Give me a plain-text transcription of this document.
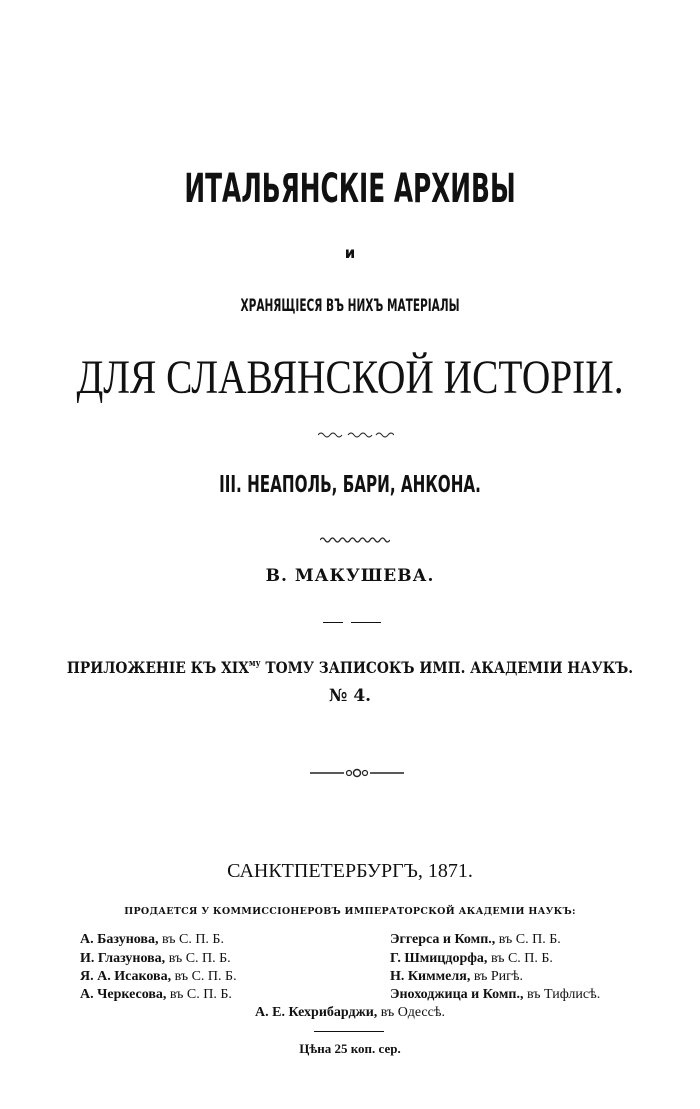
ИТАЛЬЯНСКIЕ АРХИВЫ
и
ХРАНЯЩIЕСЯ ВЪ НИХЪ МАТЕРIАЛЫ
ДЛЯ СЛАВЯНСКОЙ ИСТОРIИ.
III. НЕАПОЛЬ, БАРИ, АНКОНА.
В. МАКУШЕВА.
ПРИЛОЖЕНIЕ КЪ $XIX^{му}$ ТОМУ ЗАПИСОКЪ ИМП. АКАДЕМIИ НАУКЪ.
№ 4.
САНКТПЕТЕРБУРГЪ, 1871.
ПРОДАЕТСЯ У КОММИССIОНЕРОВЪ ИМПЕРАТОРСКОЙ АКАДЕМIИ НАУКЪ:
А. Базунова, въ С. П. Б.
И. Глазунова, въ С. П. Б.
Я. А. Исакова, въ С. П. Б.
А. Черкесова, въ С. П. Б.
Эггерса и Комп., въ С. П. Б.
Г. Шмицдорфа, въ С. П. Б.
Н. Киммеля, въ Ригѣ.
Эноходжица и Комп., въ Тифлисѣ.
А. Е. Кехрибарджи, въ Одессѣ.
Цѣна 25 коп. сер.
